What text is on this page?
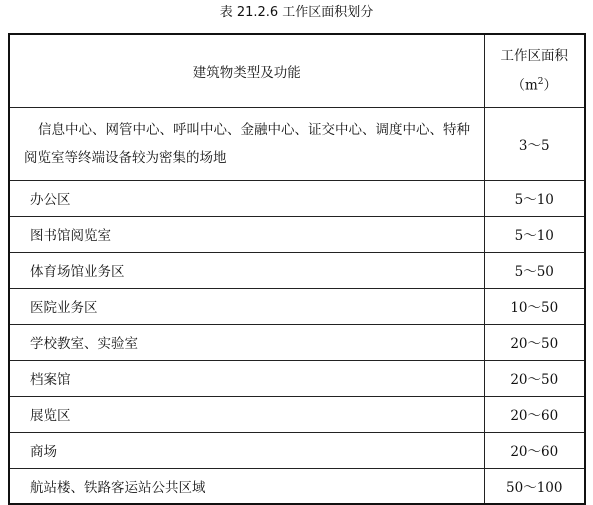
表 21.2.6 工作区面积划分
建筑物类型及功能	工作区面积
$(m^2)$

信息中心、网管中心、呼叫中心、金融中心、证交中心、调度中心、特种阅览室等终端设备较为密集的场地	3～5
办公区	5～10
图书馆阅览室	5～10
体育场馆业务区	5～50
医院业务区	10～50
学校教室、实验室	20～50
档案馆	20～50
展览区	20～60
商场	20～60
航站楼、铁路客运站公共区域	50～100
